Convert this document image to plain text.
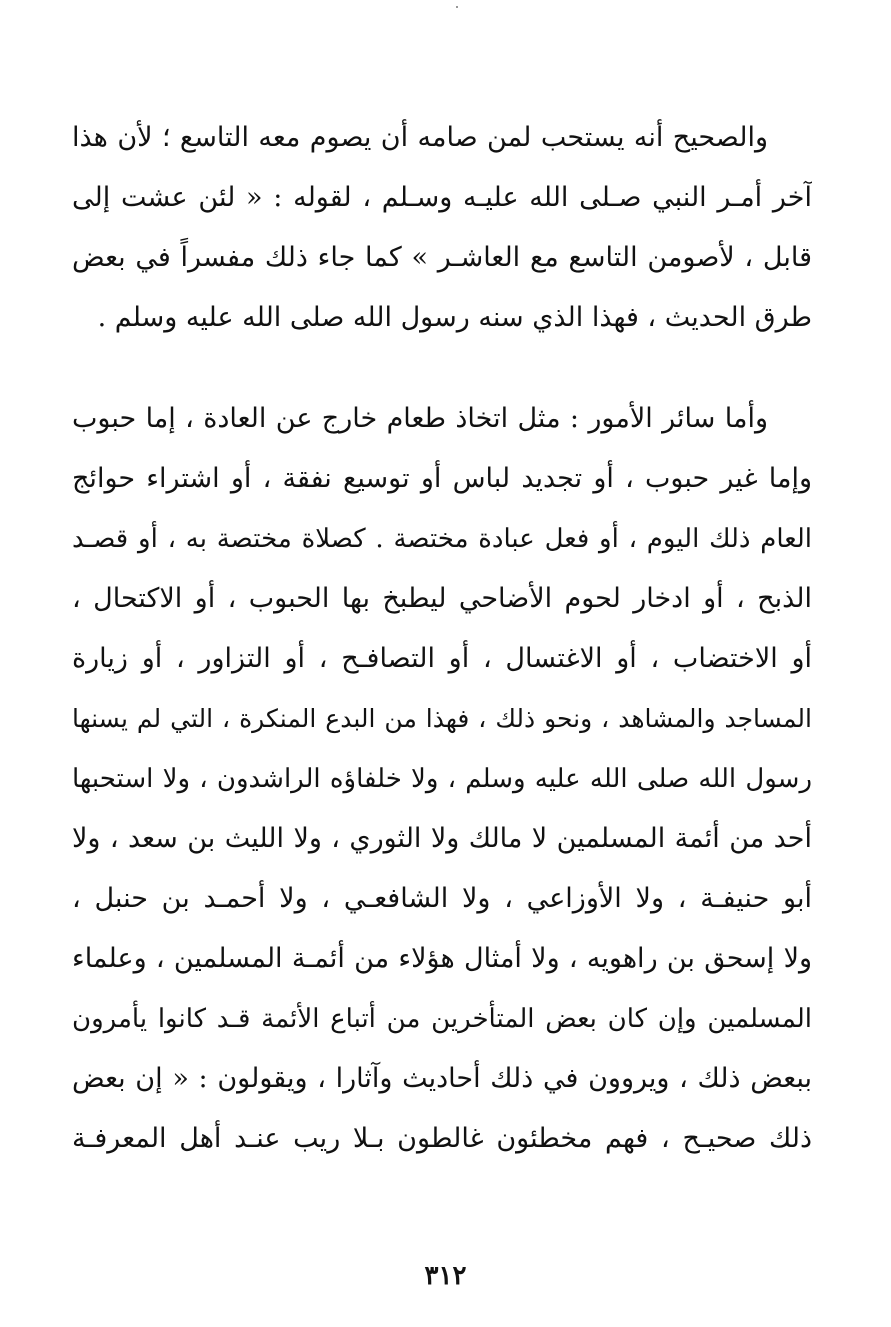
والصحيح أنه يستحب لمن صامه أن يصوم معه التاسع ؛ لأن هذا
آخر أمـر النبي صـلى الله عليـه وسـلم ، لقوله : « لئن عشت إلى
قابل ، لأصومن التاسع مع العاشـر » كما جاء ذلك مفسراً في بعض
طرق الحديث ، فهذا الذي سنه رسول الله صلى الله عليه وسلم .

وأما سائر الأمور : مثل اتخاذ طعام خارج عن العادة ، إما حبوب
وإما غير حبوب ، أو تجديد لباس أو توسيع نفقة ، أو اشتراء حوائج
العام ذلك اليوم ، أو فعل عبادة مختصة . كصلاة مختصة به ، أو قصـد
الذبح ، أو ادخار لحوم الأضاحي ليطبخ بها الحبوب ، أو الاكتحال ،
أو الاختضاب ، أو الاغتسال ، أو التصافـح ، أو التزاور ، أو زيارة
المساجد والمشاهد ، ونحو ذلك ، فهذا من البدع المنكرة ، التي لم يسنها
رسول الله صلى الله عليه وسلم ، ولا خلفاؤه الراشدون ، ولا استحبها
أحد من أئمة المسلمين لا مالك ولا الثوري ، ولا الليث بن سعد ، ولا
أبو حنيفـة ، ولا الأوزاعي ، ولا الشافعـي ، ولا أحمـد بن حنبل ،
ولا إسحق بن راهويه ، ولا أمثال هؤلاء من أئمـة المسلمين ، وعلماء
المسلمين وإن كان بعض المتأخرين من أتباع الأئمة قـد كانوا يأمرون
ببعض ذلك ، ويروون في ذلك أحاديث وآثارا ، ويقولون : « إن بعض
ذلك صحيـح ، فهم مخطئون غالطون بـلا ريب عنـد أهل المعرفـة

٣١٢
